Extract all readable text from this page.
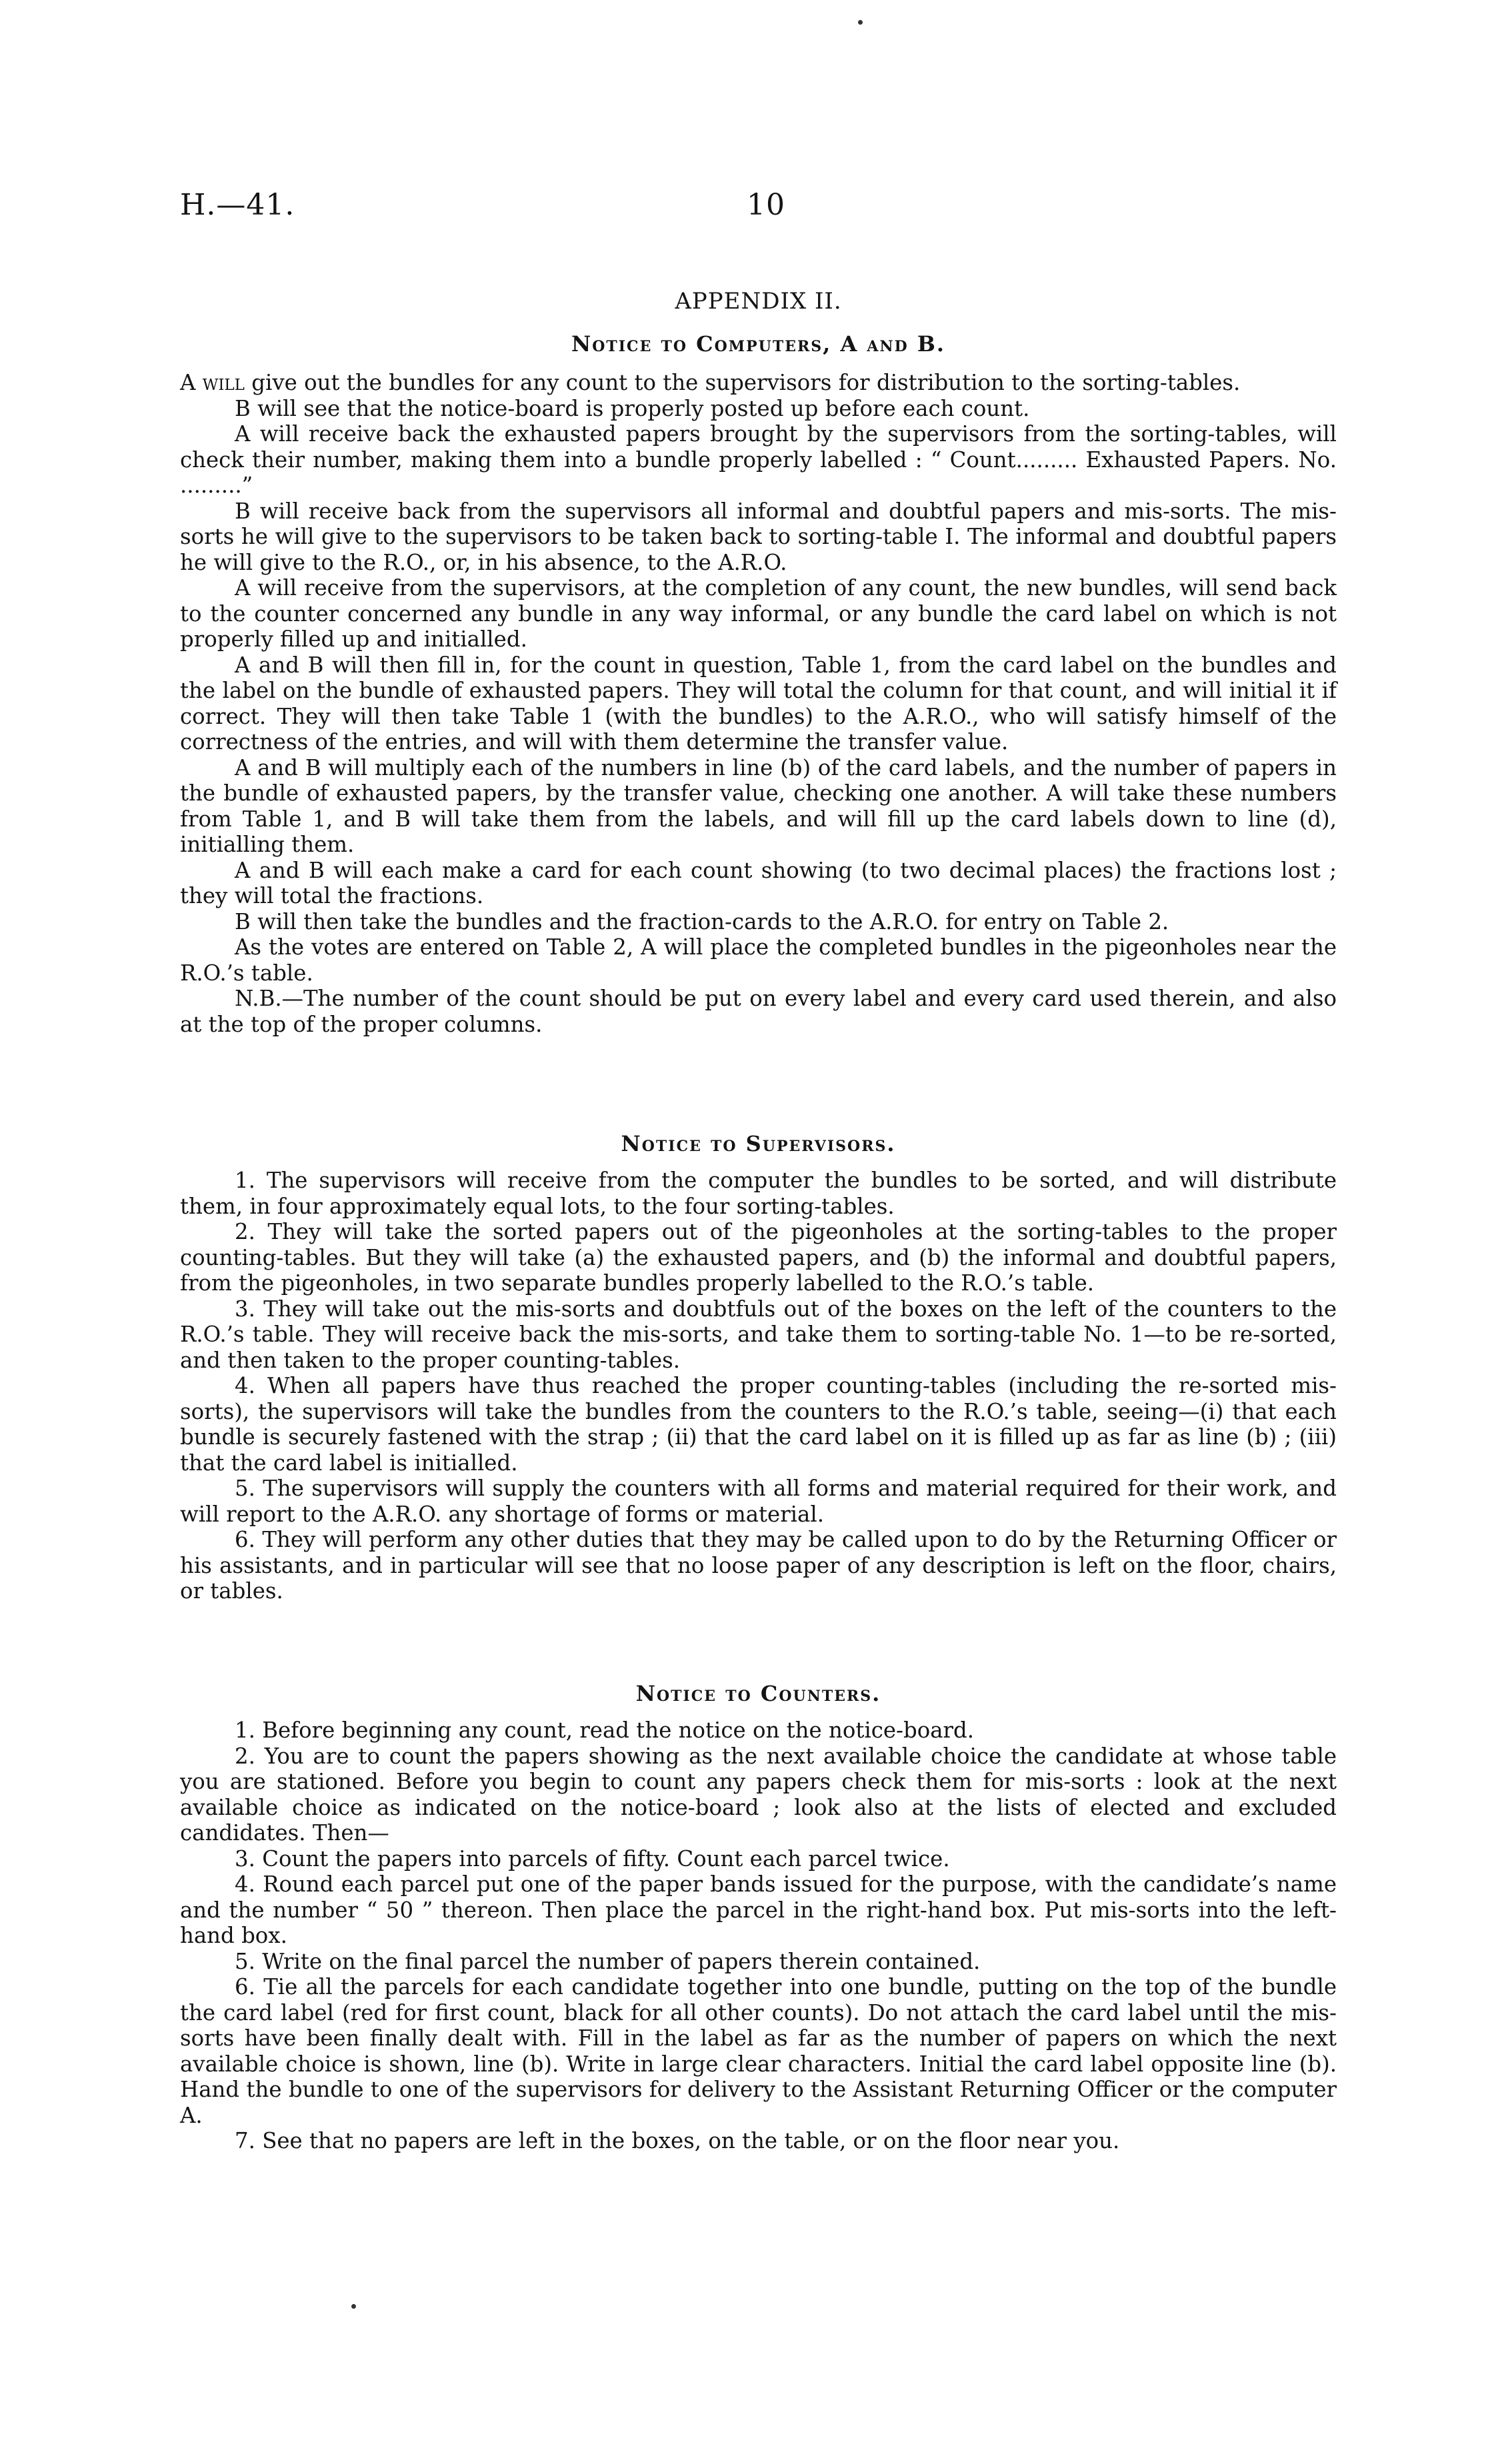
H.—41.	10
APPENDIX II.
Notice to Computers, A and B.

A will give out the bundles for any count to the supervisors for distribution to the sorting-tables.

B will see that the notice-board is properly posted up before each count.

A will receive back the exhausted papers brought by the supervisors from the sorting-tables, will check their number, making them into a bundle properly labelled : “ Count......... Exhausted Papers. No. .........”

B will receive back from the supervisors all informal and doubtful papers and mis-sorts. The mis-sorts he will give to the supervisors to be taken back to sorting-table I. The informal and doubtful papers he will give to the R.O., or, in his absence, to the A.R.O.

A will receive from the supervisors, at the completion of any count, the new bundles, will send back to the counter concerned any bundle in any way informal, or any bundle the card label on which is not properly filled up and initialled.

A and B will then fill in, for the count in question, Table 1, from the card label on the bundles and the label on the bundle of exhausted papers. They will total the column for that count, and will initial it if correct. They will then take Table 1 (with the bundles) to the A.R.O., who will satisfy himself of the correctness of the entries, and will with them determine the transfer value.

A and B will multiply each of the numbers in line (b) of the card labels, and the number of papers in the bundle of exhausted papers, by the transfer value, checking one another. A will take these numbers from Table 1, and B will take them from the labels, and will fill up the card labels down to line (d), initialling them.

A and B will each make a card for each count showing (to two decimal places) the fractions lost ; they will total the fractions.

B will then take the bundles and the fraction-cards to the A.R.O. for entry on Table 2.

As the votes are entered on Table 2, A will place the completed bundles in the pigeonholes near the R.O.’s table.

N.B.—The number of the count should be put on every label and every card used therein, and also at the top of the proper columns.

Notice to Supervisors.

1. The supervisors will receive from the computer the bundles to be sorted, and will distribute them, in four approximately equal lots, to the four sorting-tables.

2. They will take the sorted papers out of the pigeonholes at the sorting-tables to the proper counting-tables. But they will take (a) the exhausted papers, and (b) the informal and doubtful papers, from the pigeonholes, in two separate bundles properly labelled to the R.O.’s table.

3. They will take out the mis-sorts and doubtfuls out of the boxes on the left of the counters to the R.O.’s table. They will receive back the mis-sorts, and take them to sorting-table No. 1—to be re-sorted, and then taken to the proper counting-tables.

4. When all papers have thus reached the proper counting-tables (including the re-sorted mis-sorts), the supervisors will take the bundles from the counters to the R.O.’s table, seeing—(i) that each bundle is securely fastened with the strap ; (ii) that the card label on it is filled up as far as line (b) ; (iii) that the card label is initialled.

5. The supervisors will supply the counters with all forms and material required for their work, and will report to the A.R.O. any shortage of forms or material.

6. They will perform any other duties that they may be called upon to do by the Returning Officer or his assistants, and in particular will see that no loose paper of any description is left on the floor, chairs, or tables.

Notice to Counters.

1. Before beginning any count, read the notice on the notice-board.

2. You are to count the papers showing as the next available choice the candidate at whose table you are stationed. Before you begin to count any papers check them for mis-sorts : look at the next available choice as indicated on the notice-board ; look also at the lists of elected and excluded candidates. Then—

3. Count the papers into parcels of fifty. Count each parcel twice.

4. Round each parcel put one of the paper bands issued for the purpose, with the candidate’s name and the number “ 50 ” thereon. Then place the parcel in the right-hand box. Put mis-sorts into the left-hand box.

5. Write on the final parcel the number of papers therein contained.

6. Tie all the parcels for each candidate together into one bundle, putting on the top of the bundle the card label (red for first count, black for all other counts). Do not attach the card label until the mis-sorts have been finally dealt with. Fill in the label as far as the number of papers on which the next available choice is shown, line (b). Write in large clear characters. Initial the card label opposite line (b). Hand the bundle to one of the supervisors for delivery to the Assistant Returning Officer or the computer A.

7. See that no papers are left in the boxes, on the table, or on the floor near you.
